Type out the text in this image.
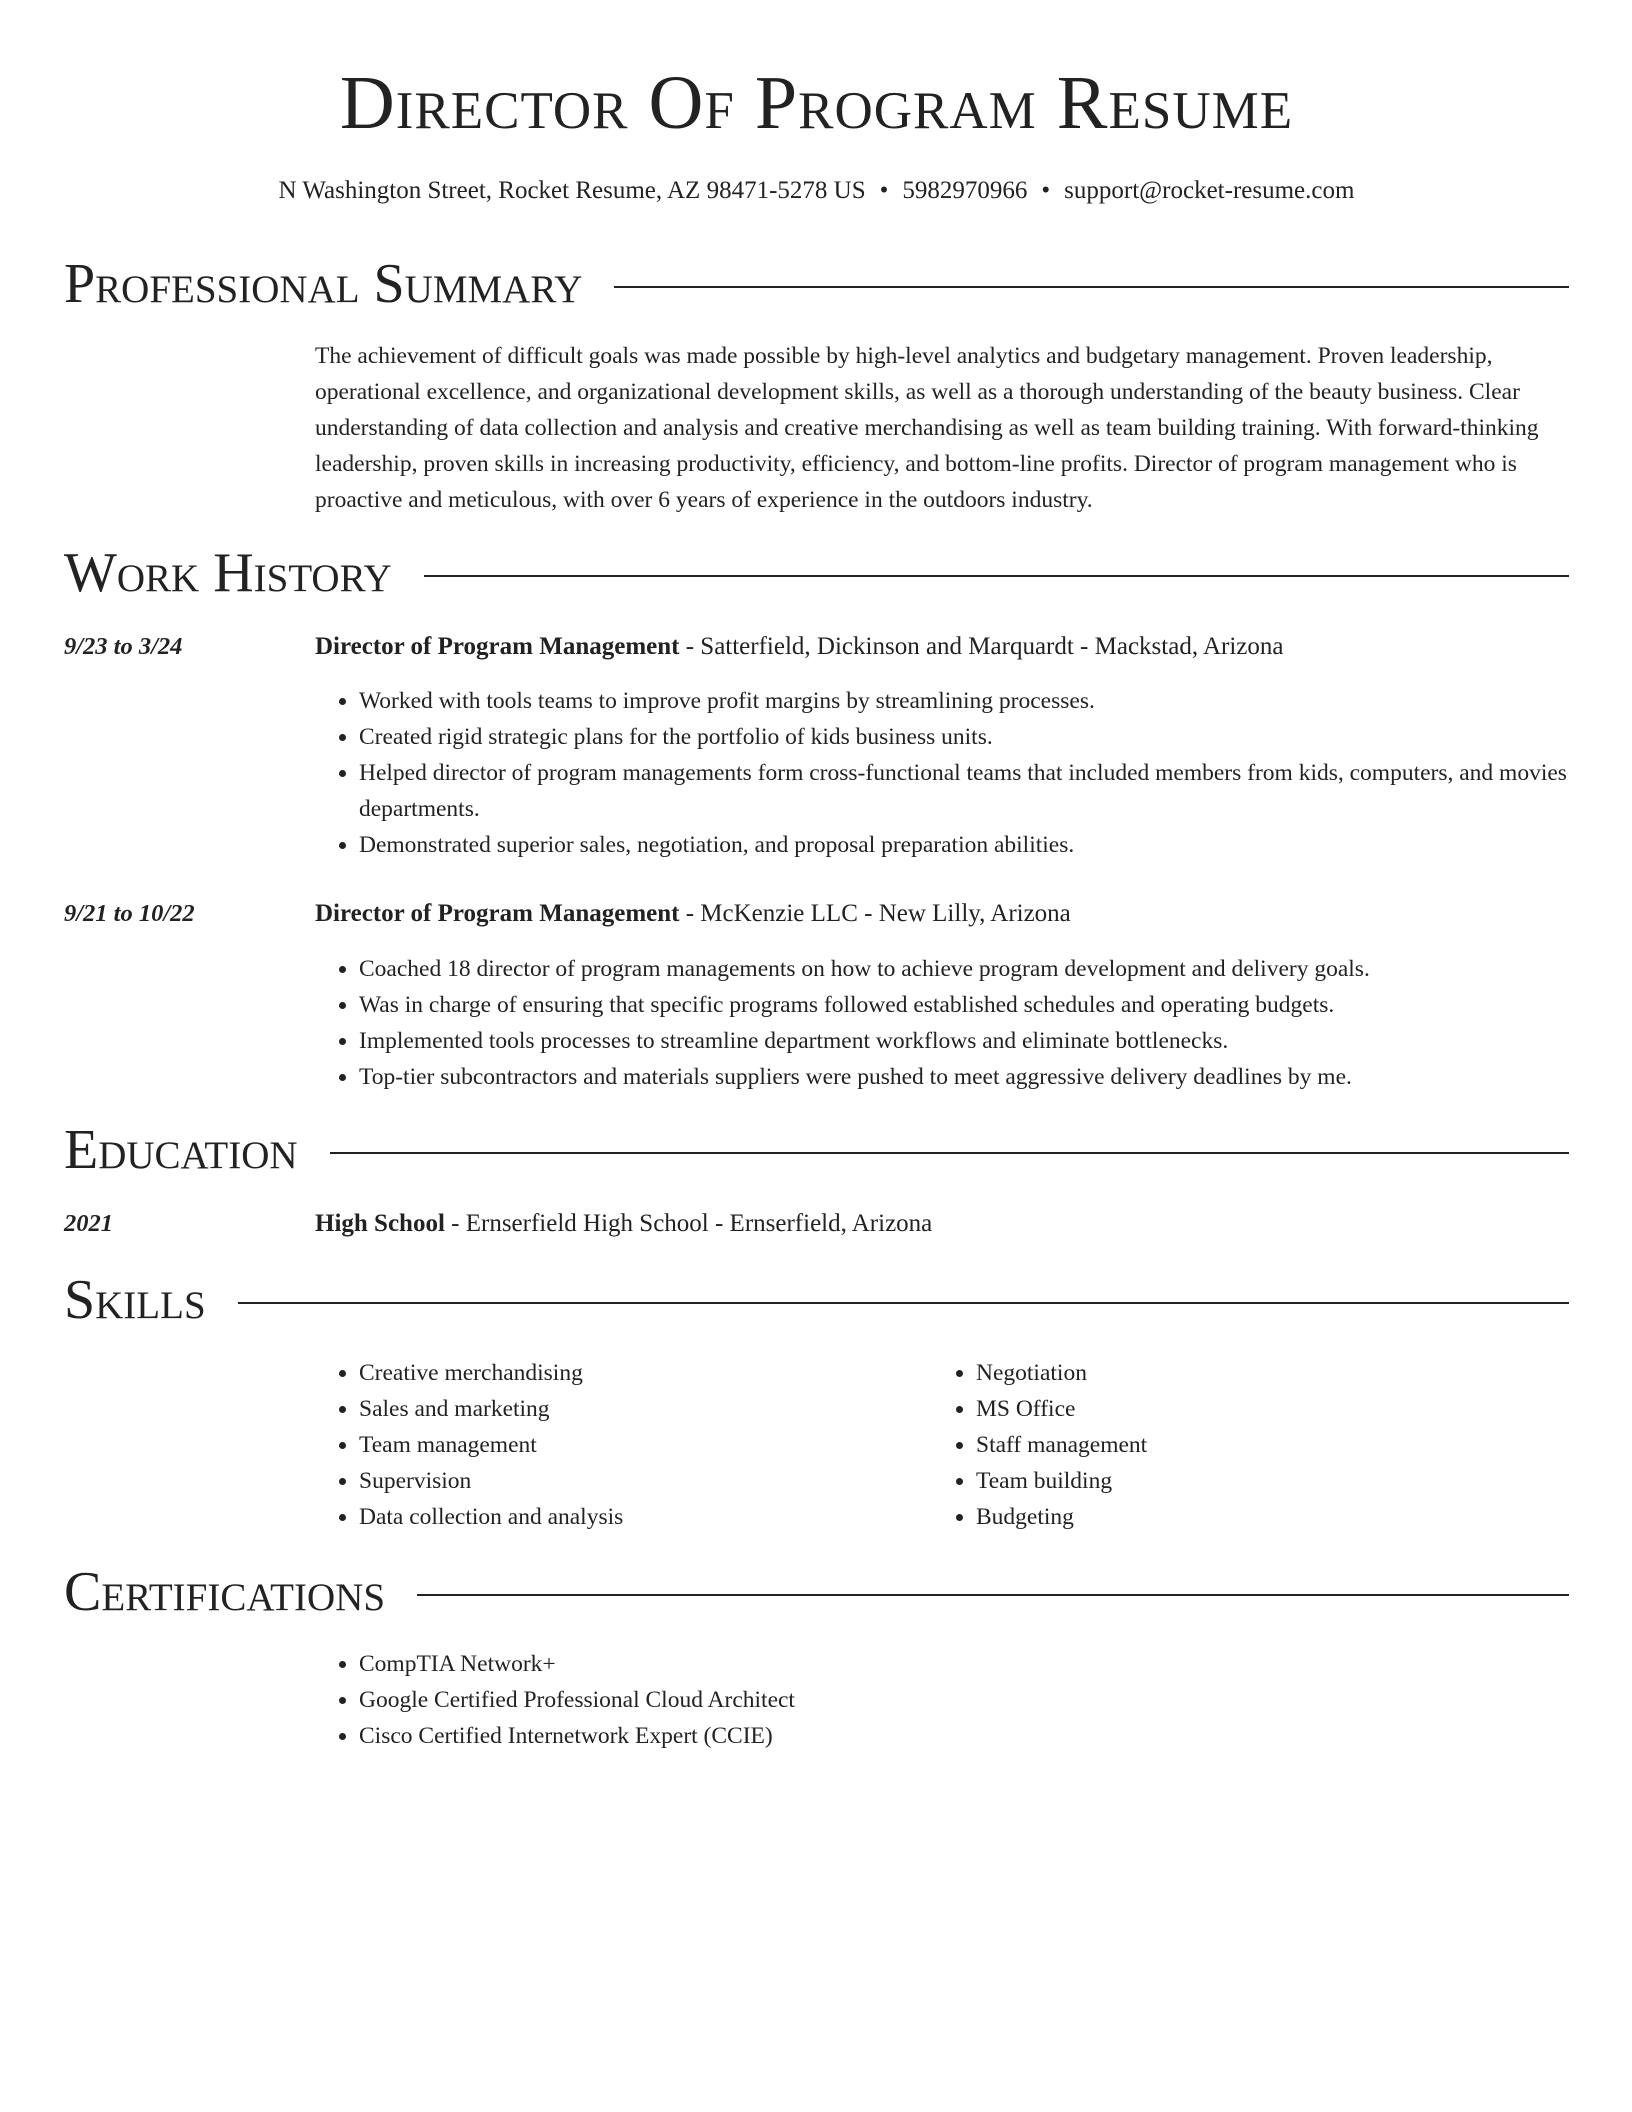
Director Of Program Resume
N Washington Street, Rocket Resume, AZ 98471-5278 US • 5982970966 • support@rocket-resume.com
Professional Summary

The achievement of difficult goals was made possible by high-level analytics and budgetary management. Proven leadership, operational excellence, and organizational development skills, as well as a thorough understanding of the beauty business. Clear understanding of data collection and analysis and creative merchandising as well as team building training. With forward-thinking leadership, proven skills in increasing productivity, efficiency, and bottom-line profits. Director of program management who is proactive and meticulous, with over 6 years of experience in the outdoors industry.

Work History
9/23 to 3/24	Director of Program Management - Satterfield, Dickinson and Marquardt - Mackstad, Arizona
• Worked with tools teams to improve profit margins by streamlining processes.
• Created rigid strategic plans for the portfolio of kids business units.
• Helped director of program managements form cross-functional teams that included members from kids, computers, and movies departments.
• Demonstrated superior sales, negotiation, and proposal preparation abilities.
9/21 to 10/22	Director of Program Management - McKenzie LLC - New Lilly, Arizona
• Coached 18 director of program managements on how to achieve program development and delivery goals.
• Was in charge of ensuring that specific programs followed established schedules and operating budgets.
• Implemented tools processes to streamline department workflows and eliminate bottlenecks.
• Top-tier subcontractors and materials suppliers were pushed to meet aggressive delivery deadlines by me.
Education
2021	High School - Ernserfield High School - Ernserfield, Arizona
Skills
• Creative merchandising
• Sales and marketing
• Team management
• Supervision
• Data collection and analysis
• Negotiation
• MS Office
• Staff management
• Team building
• Budgeting
Certifications
• CompTIA Network+
• Google Certified Professional Cloud Architect
• Cisco Certified Internetwork Expert (CCIE)
